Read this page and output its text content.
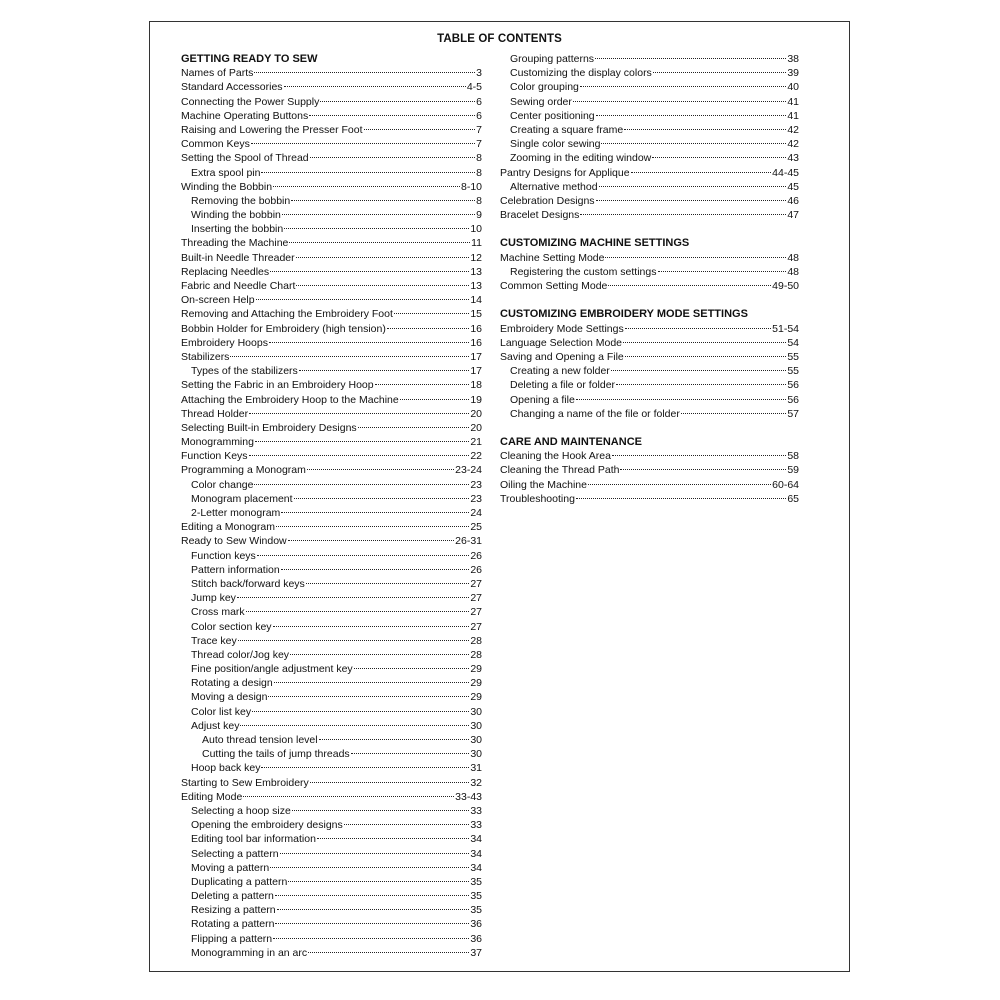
TABLE OF CONTENTS
GETTING READY TO SEW
Names of Parts	3
Standard Accessories	4-5
Connecting the Power Supply	6
Machine Operating Buttons	6
Raising and Lowering the Presser Foot	7
Common Keys	7
Setting the Spool of Thread	8
Extra spool pin	8
Winding the Bobbin	8-10
Removing the bobbin	8
Winding the bobbin	9
Inserting the bobbin	10
Threading the Machine	11
Built-in Needle Threader	12
Replacing Needles	13
Fabric and Needle Chart	13
On-screen Help	14
Removing and Attaching the Embroidery Foot	15
Bobbin Holder for Embroidery (high tension)	16
Embroidery Hoops	16
Stabilizers	17
Types of the stabilizers	17
Setting the Fabric in an Embroidery Hoop	18
Attaching the Embroidery Hoop to the Machine	19
Thread Holder	20
Selecting Built-in Embroidery Designs	20
Monogramming	21
Function Keys	22
Programming a Monogram	23-24
Color change	23
Monogram placement	23
2-Letter monogram	24
Editing a Monogram	25
Ready to Sew Window	26-31
Function keys	26
Pattern information	26
Stitch back/forward keys	27
Jump key	27
Cross mark	27
Color section key	27
Trace key	28
Thread color/Jog key	28
Fine position/angle adjustment key	29
Rotating a design	29
Moving a design	29
Color list key	30
Adjust key	30
Auto thread tension level	30
Cutting the tails of jump threads	30
Hoop back key	31
Starting to Sew Embroidery	32
Editing Mode	33-43
Selecting a hoop size	33
Opening the embroidery designs	33
Editing tool bar information	34
Selecting a pattern	34
Moving a pattern	34
Duplicating a pattern	35
Deleting a pattern	35
Resizing a pattern	35
Rotating a pattern	36
Flipping a pattern	36
Monogramming in an arc	37
Grouping patterns	38
Customizing the display colors	39
Color grouping	40
Sewing order	41
Center positioning	41
Creating a square frame	42
Single color sewing	42
Zooming in the editing window	43
Pantry Designs for Applique	44-45
Alternative method	45
Celebration Designs	46
Bracelet Designs	47
CUSTOMIZING MACHINE SETTINGS
Machine Setting Mode	48
Registering the custom settings	48
Common Setting Mode	49-50
CUSTOMIZING EMBROIDERY MODE SETTINGS
Embroidery Mode Settings	51-54
Language Selection Mode	54
Saving and Opening a File	55
Creating a new folder	55
Deleting a file or folder	56
Opening a file	56
Changing a name of the file or folder	57
CARE AND MAINTENANCE
Cleaning the Hook Area	58
Cleaning the Thread Path	59
Oiling the Machine	60-64
Troubleshooting	65
